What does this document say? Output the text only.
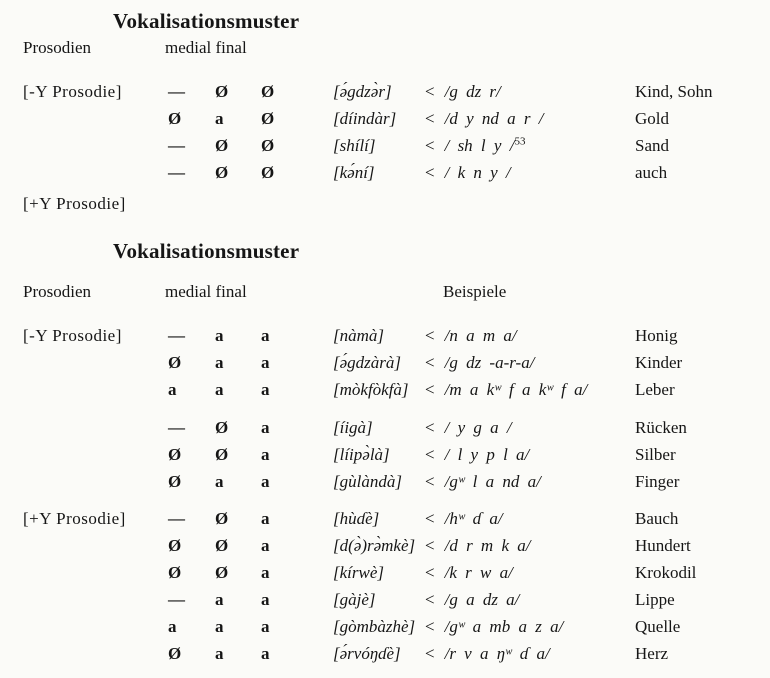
Vokalisationsmuster
Prosodien	medial final
[-Y Prosodie]	—	Ø	Ø	[ə́gdzə̀r]	< /g dz r/	Kind, Sohn
Ø	a	Ø	[díindàr]	< /d y nd a r /	Gold
—	Ø	Ø	[shílí]	< / sh l y /$^{53}$	Sand
—	Ø	Ø	[kə́ní]	< / k n y /	auch
[+Y Prosodie]
Vokalisationsmuster
Prosodien	medial final	Beispiele
[-Y Prosodie]	—	a	a	[nàmà]	< /n a m a/	Honig
Ø	a	a	[ə́gdzàrà]	< /g dz -a-r-a/	Kinder
a	a	a	[mòkfòkfà] < /m a kʷ f a kʷ f a/	Leber
—	Ø	a	[íigà]	< / y g a /	Rücken
Ø	Ø	a	[líipə̀là]	< / l y p l a/	Silber
Ø	a	a	[gùlàndà]	< /gʷ l a nd a/	Finger
[+Y Prosodie]	—	Ø	a	[hùɗè]	< /hʷ ɗ a/	Bauch
Ø	Ø	a	[d(ə̀)rə̀mkè] < /d r m k a/	Hundert
Ø	Ø	a	[kírwè]	< /k r w a/	Krokodil
—	a	a	[gàjè]	< /g a dz a/	Lippe
a	a	a	[gòmbàzhè] < /gʷ a mb a z a/	Quelle
Ø	a	a	[ə́rvóŋɗè]	< /r v a ŋʷ ɗ a/	Herz
